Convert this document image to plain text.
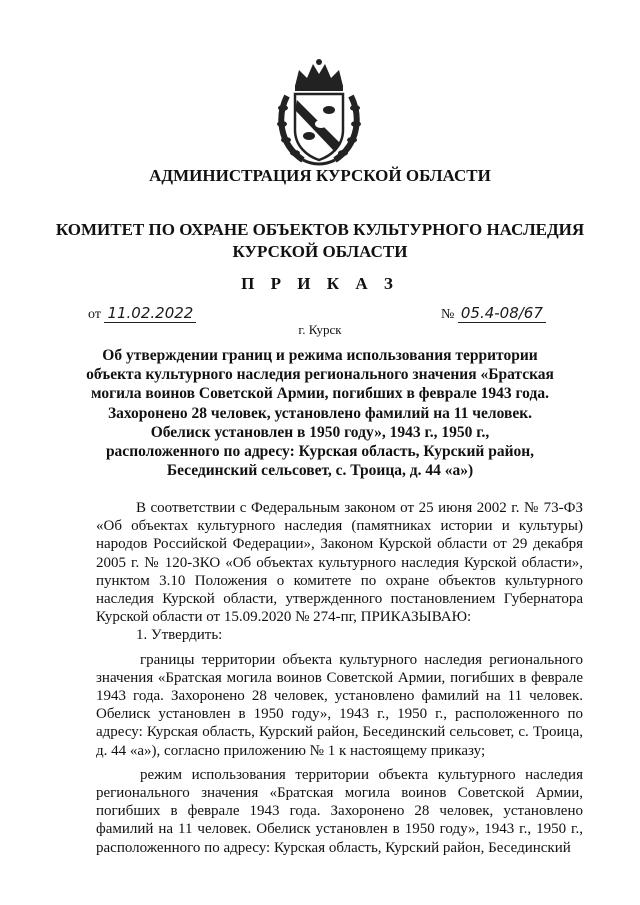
АДМИНИСТРАЦИЯ КУРСКОЙ ОБЛАСТИ
КОМИТЕТ ПО ОХРАНЕ ОБЪЕКТОВ КУЛЬТУРНОГО НАСЛЕДИЯ
КУРСКОЙ ОБЛАСТИ
П Р И К А З
от 11.02.2022	№ 05.4-08/67
г. Курск
Об утверждении границ и режима использования территории
объекта культурного наследия регионального значения «Братская
могила воинов Советской Армии, погибших в феврале 1943 года.
Захоронено 28 человек, установлено фамилий на 11 человек.
Обелиск установлен в 1950 году», 1943 г., 1950 г.,
расположенного по адресу: Курская область, Курский район,
Бесединский сельсовет, с. Троица, д. 44 «а»)

В соответствии с Федеральным законом от 25 июня 2002 г. № 73-ФЗ «Об объектах культурного наследия (памятниках истории и культуры) народов Российской Федерации», Законом Курской области от 29 декабря 2005 г. № 120-ЗКО «Об объектах культурного наследия Курской области», пунктом 3.10 Положения о комитете по охране объектов культурного наследия Курской области, утвержденного постановлением Губернатора Курской области от 15.09.2020 № 274-пг, ПРИКАЗЫВАЮ:

1. Утвердить:

границы территории объекта культурного наследия регионального значения «Братская могила воинов Советской Армии, погибших в феврале 1943 года. Захоронено 28 человек, установлено фамилий на 11 человек. Обелиск установлен в 1950 году», 1943 г., 1950 г., расположенного по адресу: Курская область, Курский район, Бесединский сельсовет, с. Троица, д. 44 «а»), согласно приложению № 1 к настоящему приказу;

режим использования территории объекта культурного наследия регионального значения «Братская могила воинов Советской Армии, погибших в феврале 1943 года. Захоронено 28 человек, установлено фамилий на 11 человек. Обелиск установлен в 1950 году», 1943 г., 1950 г., расположенного по адресу: Курская область, Курский район, Бесединский
